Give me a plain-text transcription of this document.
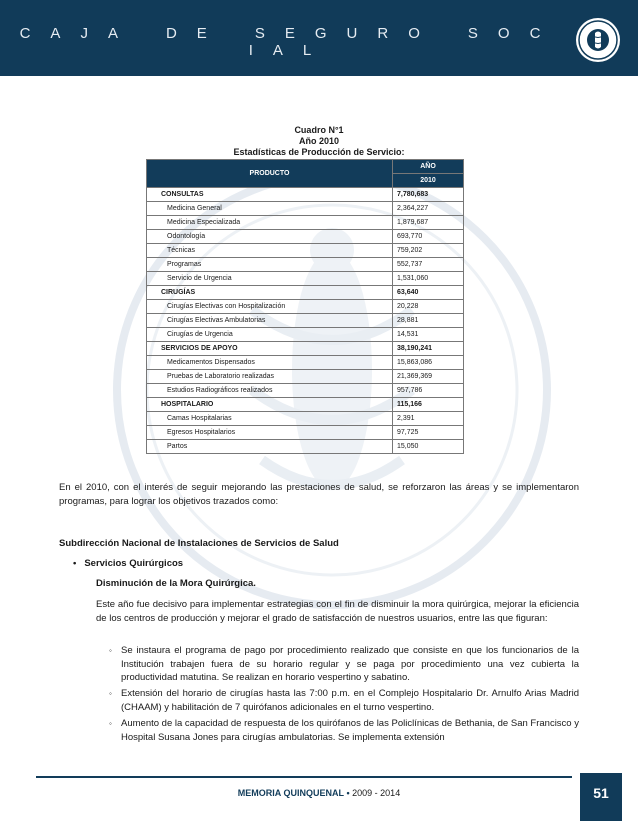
C A J A	D E	S E G U R O	S O CI A L
Cuadro N°1
Año 2010
Estadísticas de Producción de Servicio:
PRODUCTO	AÑO
	2010
CONSULTAS	7,780,683
Medicina General	2,364,227
Medicina Especializada	1,879,687
Odontología	693,770
Técnicas	759,202
Programas	552,737
Servicio de Urgencia	1,531,060
CIRUGÍAS	63,640
Cirugías Electivas con Hospitalización	20,228
Cirugías Electivas Ambulatorias	28,881
Cirugías de Urgencia	14,531
SERVICIOS DE APOYO	38,190,241
Medicamentos Dispensados	15,863,086
Pruebas de Laboratorio realizadas	21,369,369
Estudios Radiográficos realizados	957,786
HOSPITALARIO	115,166
Camas Hospitalarias	2,391
Egresos Hospitalarios	97,725
Partos	15,050
En el 2010, con el interés de seguir mejorando las prestaciones de salud, se reforzaron las áreas y se implementaron programas, para lograr los objetivos trazados como:
Subdirección Nacional de Instalaciones de Servicios de Salud
• Servicios Quirúrgicos
Disminución de la Mora Quirúrgica.
Este año fue decisivo para implementar estrategias con el fin de disminuir la mora quirúrgica, mejorar la eficiencia de los centros de producción y mejorar el grado de satisfacción de nuestros usuarios, entre las que figuran:
◦ Se instaura el programa de pago por procedimiento realizado que consiste en que los funcionarios de la Institución trabajen fuera de su horario regular y se paga por procedimiento una vez cubierta la productividad matutina. Se realizan en horario vespertino y sabatino.
◦ Extensión del horario de cirugías hasta las 7:00 p.m. en el Complejo Hospitalario Dr. Arnulfo Arias Madrid (CHAAM) y habilitación de 7 quirófanos adicionales en el turno vespertino.
◦ Aumento de la capacidad de respuesta de los quirófanos de las Policlínicas de Bethania, de San Francisco y Hospital Susana Jones para cirugías ambulatorias. Se implementa extensión
MEMORIA QUINQUENAL • 2009 - 2014	51
